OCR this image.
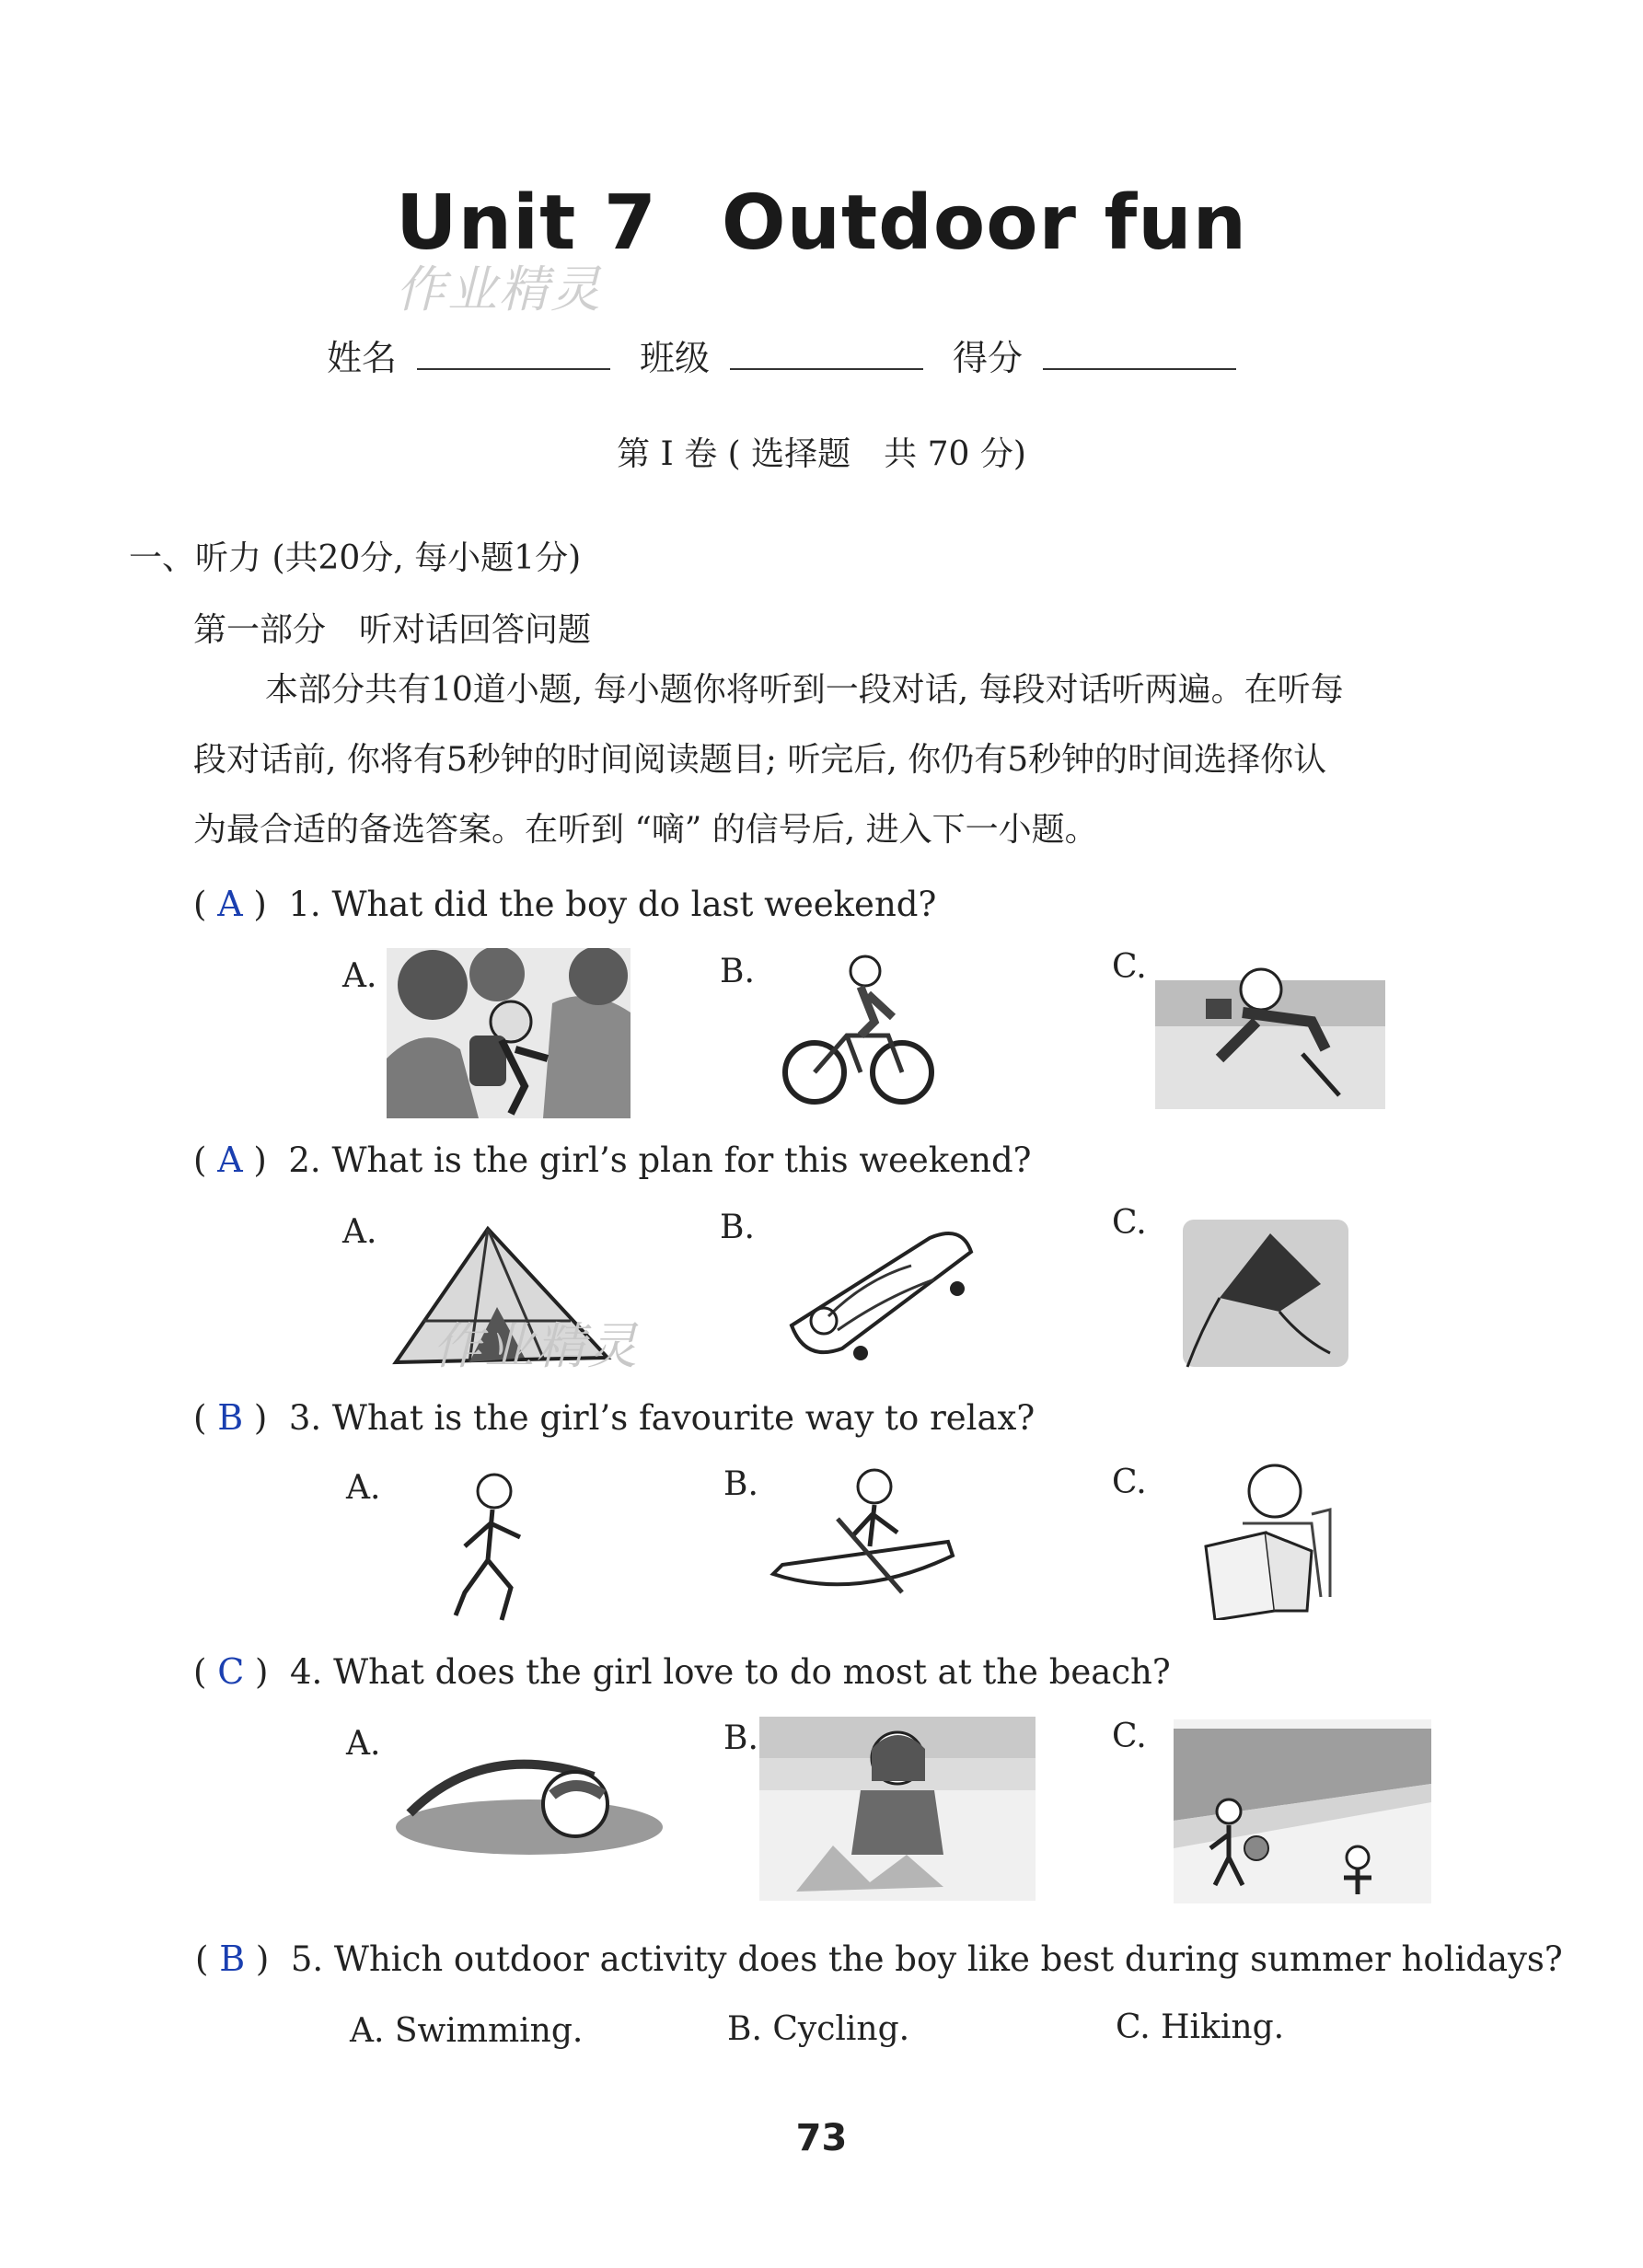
Unit 7 Outdoor fun
作业精灵
姓名	班级	得分
第 I 卷 ( 选择题　共 70 分)
一、听力 (共20分, 每小题1分)
第一部分　听对话回答问题
本部分共有10道小题, 每小题你将听到一段对话, 每段对话听两遍。在听每
段对话前, 你将有5秒钟的时间阅读题目; 听完后, 你仍有5秒钟的时间选择你认
为最合适的备选答案。在听到 “嘀” 的信号后, 进入下一小题。
( A )  1. What did the boy do last weekend?
A.	B.	C.
( A )  2. What is the girl’s plan for this weekend?
A.	B.	C.
作业精灵
( B )  3. What is the girl’s favourite way to relax?
A.	B.	C.
( C )  4. What does the girl love to do most at the beach?
A.	B.	C.
( B )  5. Which outdoor activity does the boy like best during summer holidays?
A. Swimming.	B. Cycling.	C. Hiking.
73
